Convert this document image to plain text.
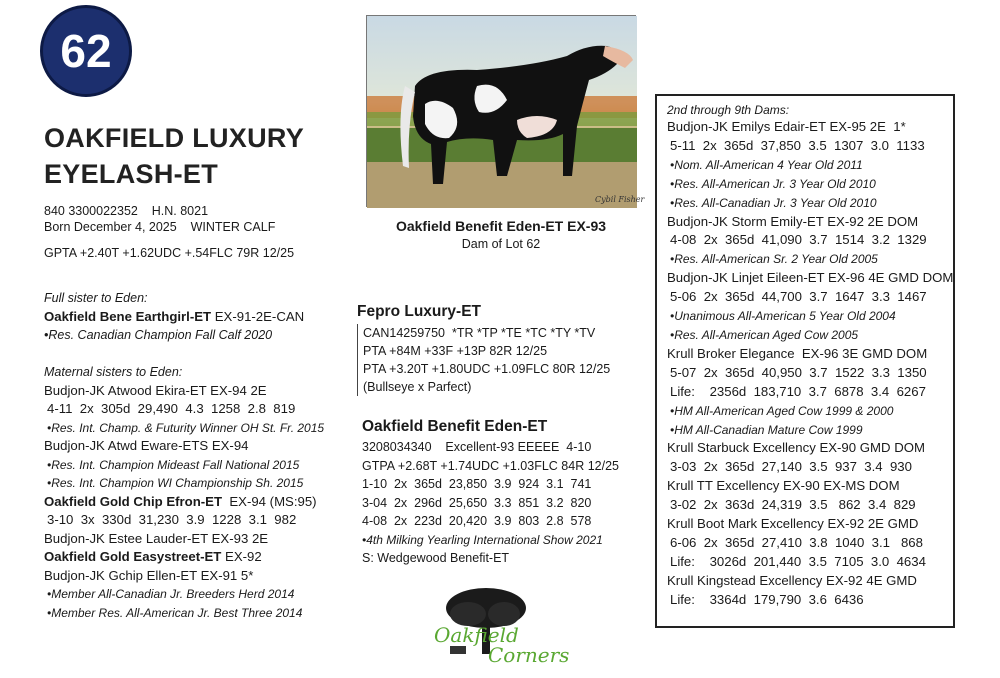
62
OAKFIELD LUXURY
EYELASH-ET
840 3300022352    H.N. 8021
Born December 4, 2025    WINTER CALF
GPTA +2.40T +1.62UDC +.54FLC 79R 12/25
Full sister to Eden:
Oakfield Bene Earthgirl-ET EX-91-2E-CAN
•Res. Canadian Champion Fall Calf 2020
Maternal sisters to Eden:
Budjon-JK Atwood Ekira-ET EX-94 2E
4-11  2x  305d  29,490  4.3  1258  2.8  819
•Res. Int. Champ. & Futurity Winner OH St. Fr. 2015
Budjon-JK Atwd Eware-ETS EX-94
•Res. Int. Champion Mideast Fall National 2015
•Res. Int. Champion WI Championship Sh. 2015
Oakfield Gold Chip Efron-ET  EX-94 (MS:95)
3-10  3x  330d  31,230  3.9  1228  3.1  982
Budjon-JK Estee Lauder-ET EX-93 2E
Oakfield Gold Easystreet-ET EX-92
Budjon-JK Gchip Ellen-ET EX-91 5*
•Member All-Canadian Jr. Breeders Herd 2014
•Member Res. All-American Jr. Best Three 2014
Cybil Fisher
Oakfield Benefit Eden-ET EX-93
Dam of Lot 62
Fepro Luxury-ET
CAN14259750  *TR *TP *TE *TC *TY *TV
PTA +84M +33F +13P 82R 12/25
PTA +3.20T +1.80UDC +1.09FLC 80R 12/25
(Bullseye x Parfect)
Oakfield Benefit Eden-ET
3208034340    Excellent-93 EEEEE  4-10
GTPA +2.68T +1.74UDC +1.03FLC 84R 12/25
1-10  2x  365d  23,850  3.9  924  3.1  741
3-04  2x  296d  25,650  3.3  851  3.2  820
4-08  2x  223d  20,420  3.9  803  2.8  578
•4th Milking Yearling International Show 2021
S: Wedgewood Benefit-ET
2nd through 9th Dams:
Budjon-JK Emilys Edair-ET EX-95 2E  1*
5-11  2x  365d  37,850  3.5  1307  3.0  1133
•Nom. All-American 4 Year Old 2011
•Res. All-American Jr. 3 Year Old 2010
•Res. All-Canadian Jr. 3 Year Old 2010
Budjon-JK Storm Emily-ET EX-92 2E DOM
4-08  2x  365d  41,090  3.7  1514  3.2  1329
•Res. All-American Sr. 2 Year Old 2005
Budjon-JK Linjet Eileen-ET EX-96 4E GMD DOM
5-06  2x  365d  44,700  3.7  1647  3.3  1467
•Unanimous All-American 5 Year Old 2004
•Res. All-American Aged Cow 2005
Krull Broker Elegance  EX-96 3E GMD DOM
5-07  2x  365d  40,950  3.7  1522  3.3  1350
Life:    2356d  183,710  3.7  6878  3.4  6267
•HM All-American Aged Cow 1999 & 2000
•HM All-Canadian Mature Cow 1999
Krull Starbuck Excellency EX-90 GMD DOM
3-03  2x  365d  27,140  3.5  937  3.4  930
Krull TT Excellency EX-90 EX-MS DOM
3-02  2x  363d  24,319  3.5   862  3.4  829
Krull Boot Mark Excellency EX-92 2E GMD
6-06  2x  365d  27,410  3.8  1040  3.1   868
Life:    3026d  201,440  3.5  7105  3.0  4634
Krull Kingstead Excellency EX-92 4E GMD
Life:    3364d  179,790  3.6  6436
Oakfield
Corners
